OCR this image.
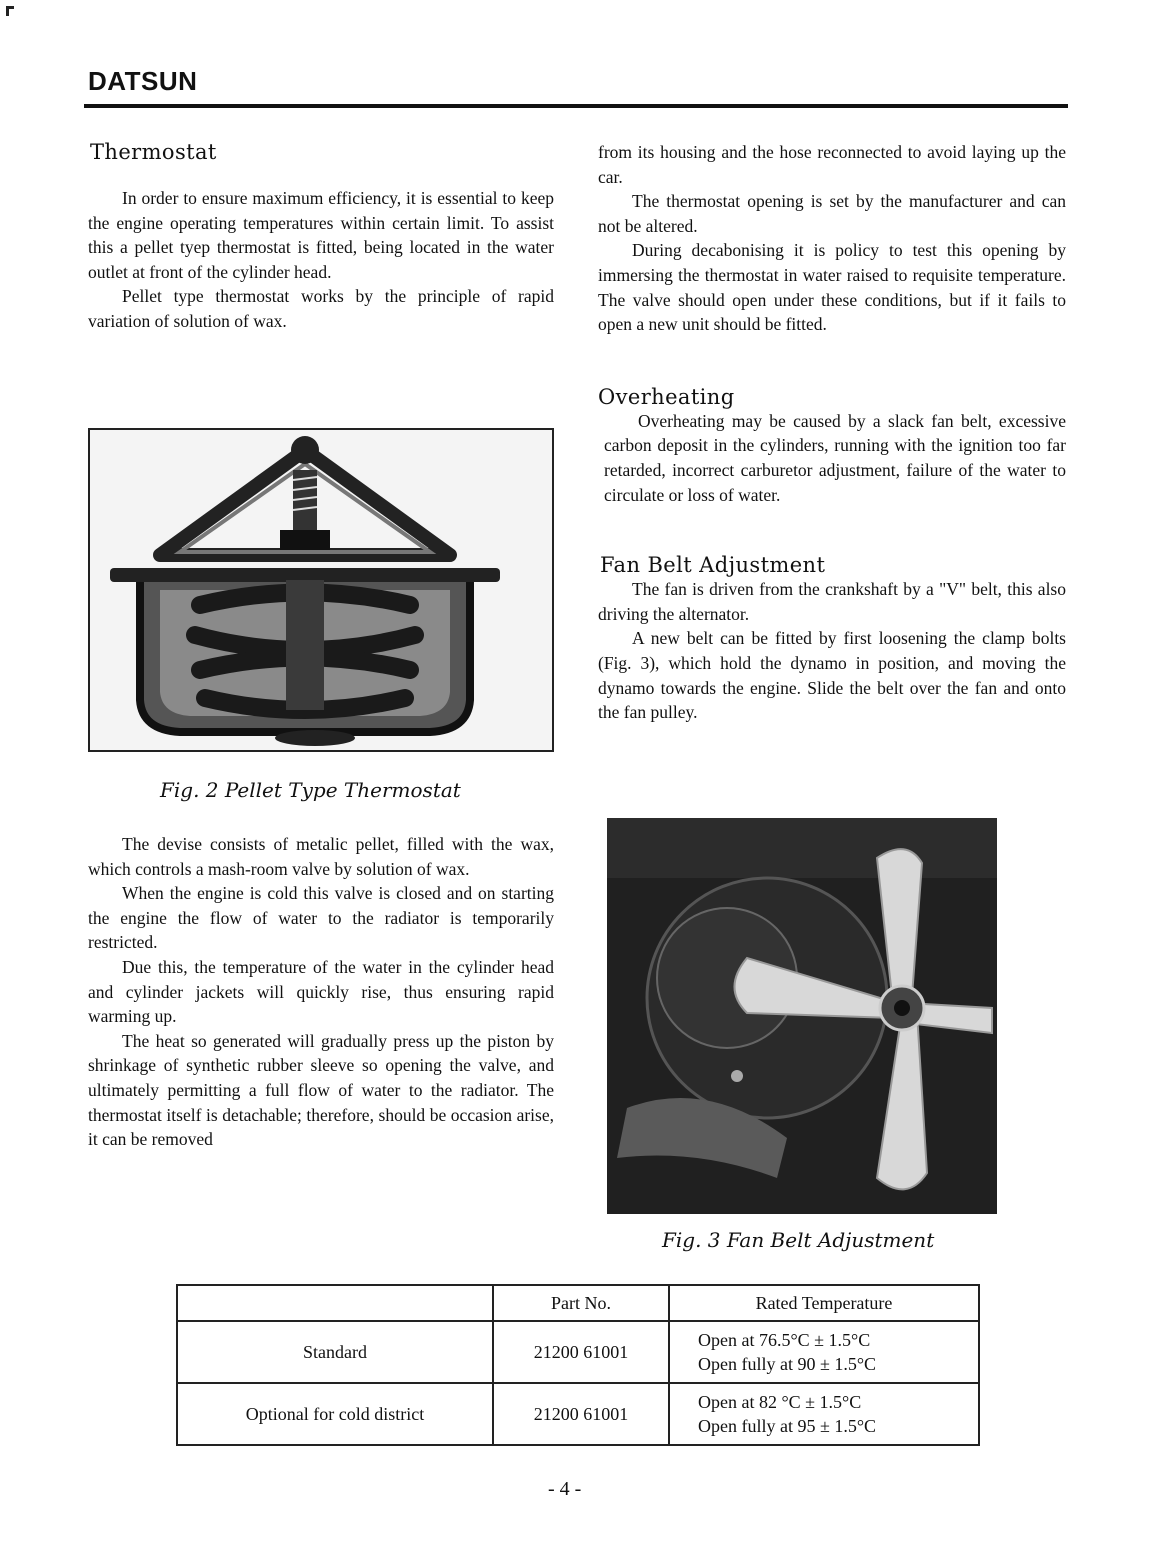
DATSUN
Thermostat

In order to ensure maximum efficiency, it is essential to keep the engine operating temperatures within certain limit. To assist this a pellet tyep thermostat is fitted, being located in the water outlet at front of the cylinder head.

Pellet type thermostat works by the principle of rapid variation of solution of wax.

Fig. 2 Pellet Type Thermostat

The devise consists of metalic pellet, filled with the wax, which controls a mash-room valve by solution of wax.

When the engine is cold this valve is closed and on starting the engine the flow of water to the radiator is temporarily restricted.

Due this, the temperature of the water in the cylinder head and cylinder jackets will quickly rise, thus ensuring rapid warming up.

The heat so generated will gradually press up the piston by shrinkage of synthetic rubber sleeve so opening the valve, and ultimately permitting a full flow of water to the radiator. The thermostat itself is detachable; therefore, should be occasion arise, it can be removed

from its housing and the hose reconnected to avoid laying up the car.

The thermostat opening is set by the manufacturer and can not be altered.

During decabonising it is policy to test this opening by immersing the thermostat in water raised to requisite temperature. The valve should open under these conditions, but if it fails to open a new unit should be fitted.

Overheating

Overheating may be caused by a slack fan belt, excessive carbon deposit in the cylinders, running with the ignition too far retarded, incorrect carburetor adjustment, failure of the water to circulate or loss of water.

Fan Belt Adjustment

The fan is driven from the crankshaft by a "V" belt, this also driving the alternator.

A new belt can be fitted by first loosening the clamp bolts (Fig. 3), which hold the dynamo in position, and moving the dynamo towards the engine. Slide the belt over the fan and onto the fan pulley.

Fig. 3 Fan Belt Adjustment
	Part No.	Rated Temperature
Standard	21200 61001	Open at 76.5°C ± 1.5°C
Open fully at 90 ± 1.5°C

Optional for cold district	21200 61001	Open at 82 °C ± 1.5°C
Open fully at 95 ± 1.5°C
- 4 -
